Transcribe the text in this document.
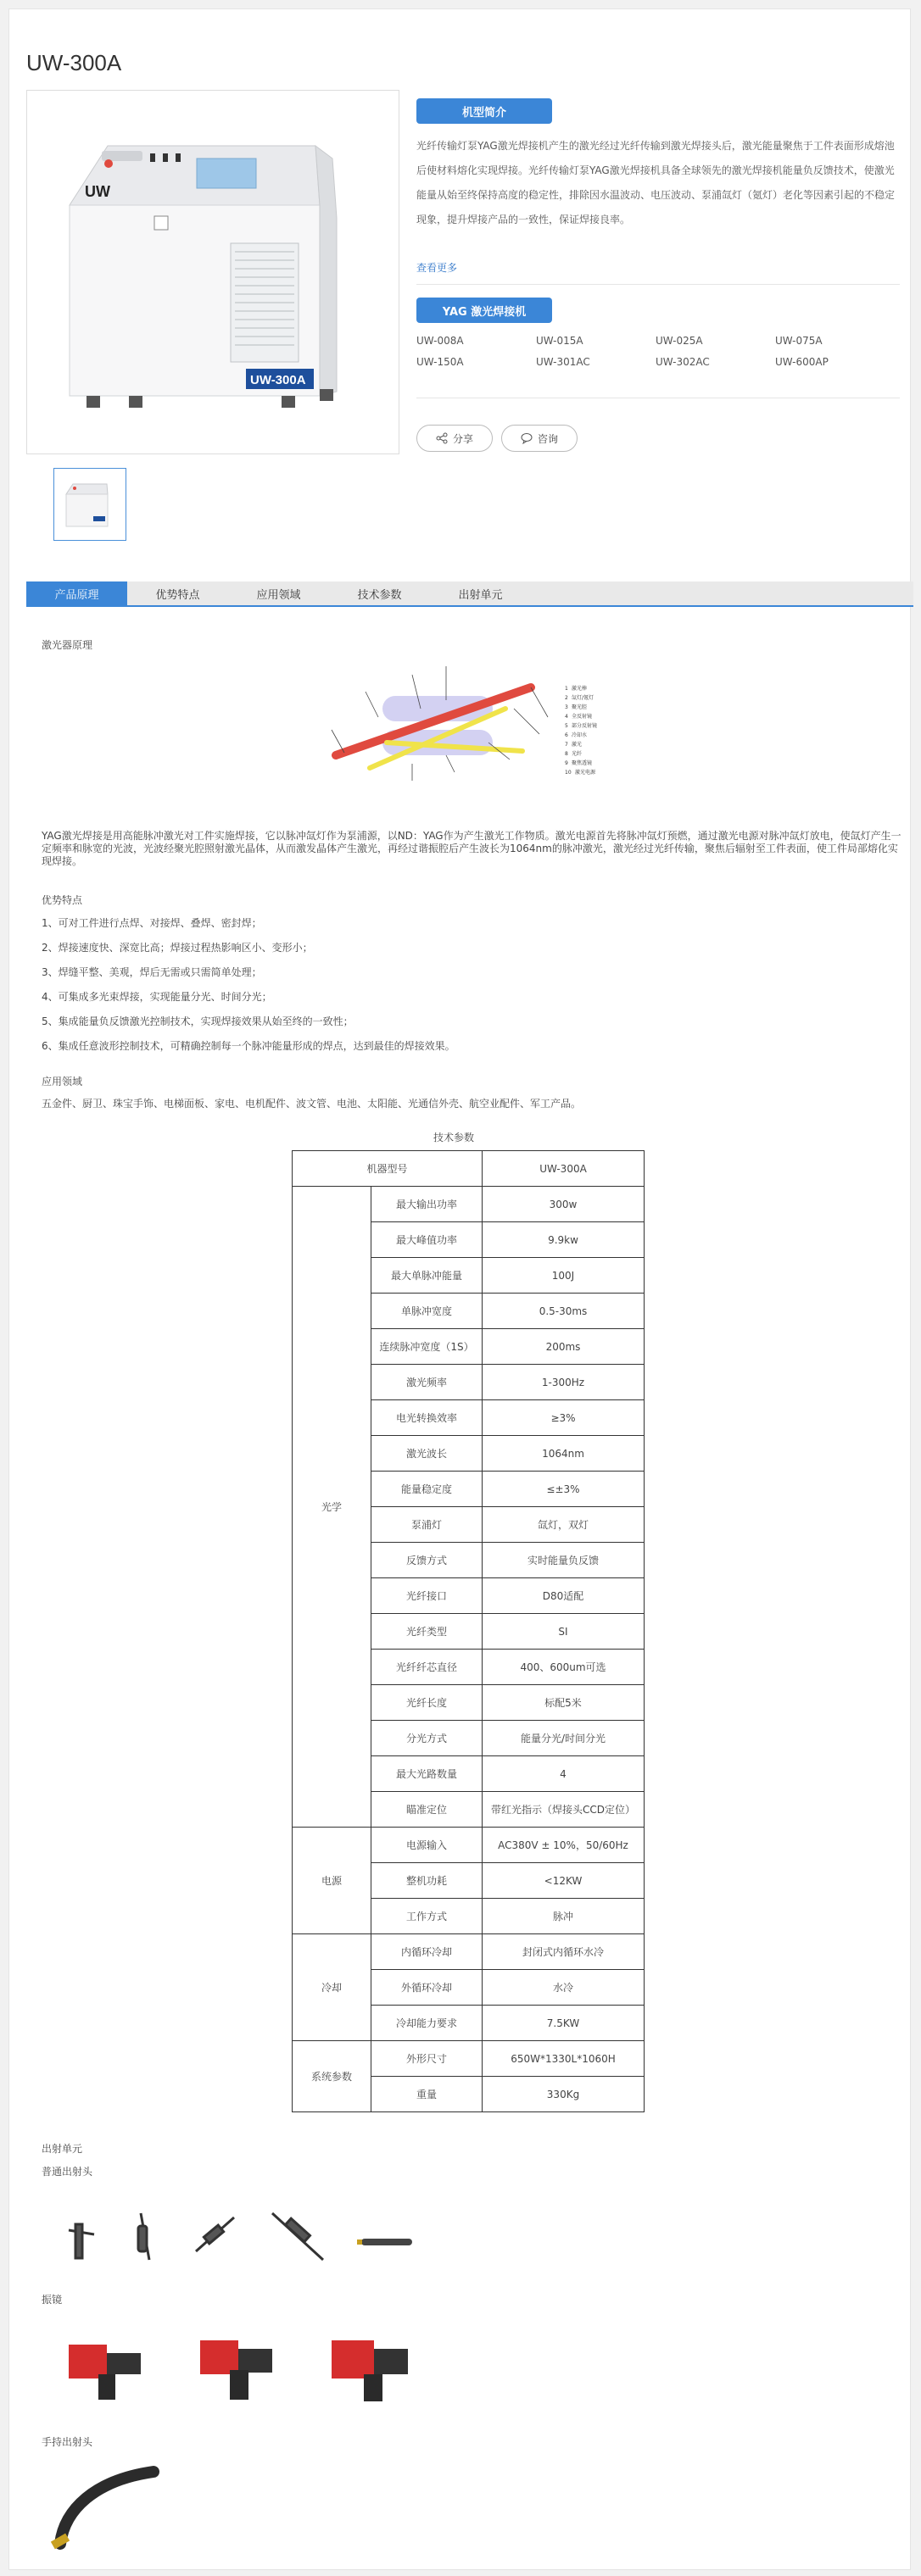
UW-300A
UW
UW-300A
机型简介
光纤传输灯泵YAG激光焊接机产生的激光经过光纤传输到激光焊接头后，激光能量聚焦于工件表面形成熔池后使材料熔化实现焊接。光纤传输灯泵YAG激光焊接机具备全球领先的激光焊接机能量负反馈技术，使激光能量从始至终保持高度的稳定性，排除因水温波动、电压波动、泵浦氙灯（氪灯）老化等因素引起的不稳定现象，提升焊接产品的一致性，保证焊接良率。
查看更多
YAG 激光焊接机
UW-008A	UW-015A	UW-025A	UW-075A
UW-150A	UW-301AC	UW-302AC	UW-600AP
分享	咨询
产品原理	优势特点	应用领域	技术参数	出射单元
激光器原理
1 激光棒
2 氙灯/氪灯
3 聚光腔
4 全反射镜
5 部分反射镜
6 冷却水
7 激光
8 光纤
9 聚焦透镜
10 激光电源
YAG激光焊接是用高能脉冲激光对工件实施焊接，它以脉冲氙灯作为泵浦源，以ND：YAG作为产生激光工作物质。激光电源首先将脉冲氙灯预燃，通过激光电源对脉冲氙灯放电，使氙灯产生一定频率和脉宽的光波，光波经聚光腔照射激光晶体，从而激发晶体产生激光，再经过谐振腔后产生波长为1064nm的脉冲激光，激光经过光纤传输，聚焦后辐射至工件表面，使工件局部熔化实现焊接。
优势特点
1、可对工件进行点焊、对接焊、叠焊、密封焊；
2、焊接速度快、深宽比高；焊接过程热影响区小、变形小；
3、焊缝平整、美观，焊后无需或只需简单处理；
4、可集成多光束焊接，实现能量分光、时间分光；
5、集成能量负反馈激光控制技术，实现焊接效果从始至终的一致性；
6、集成任意波形控制技术，可精确控制每一个脉冲能量形成的焊点，达到最佳的焊接效果。
应用领域
五金件、厨卫、珠宝手饰、电梯面板、家电、电机配件、波文管、电池、太阳能、光通信外壳、航空业配件、军工产品。
技术参数
机器型号		UW-300A
光学	最大输出功率	300w
	最大峰值功率	9.9kw
	最大单脉冲能量	100J
	单脉冲宽度	0.5-30ms
	连续脉冲宽度（1S）	200ms
	激光频率	1-300Hz
	电光转换效率	≥3%
	激光波长	1064nm
	能量稳定度	≤±3%
	泵浦灯	氙灯，双灯
	反馈方式	实时能量负反馈
	光纤接口	D80适配
	光纤类型	SI
	光纤纤芯直径	400、600um可选
	光纤长度	标配5米
	分光方式	能量分光/时间分光
	最大光路数量	4
	瞄准定位	带红光指示（焊接头CCD定位）
电源	电源输入	AC380V ± 10%，50/60Hz
	整机功耗	<12KW
	工作方式	脉冲
冷却	内循环冷却	封闭式内循环水冷
	外循环冷却	水冷
	冷却能力要求	7.5KW
系统参数	外形尺寸	650W*1330L*1060H
	重量	330Kg
出射单元
普通出射头
振镜
手持出射头
